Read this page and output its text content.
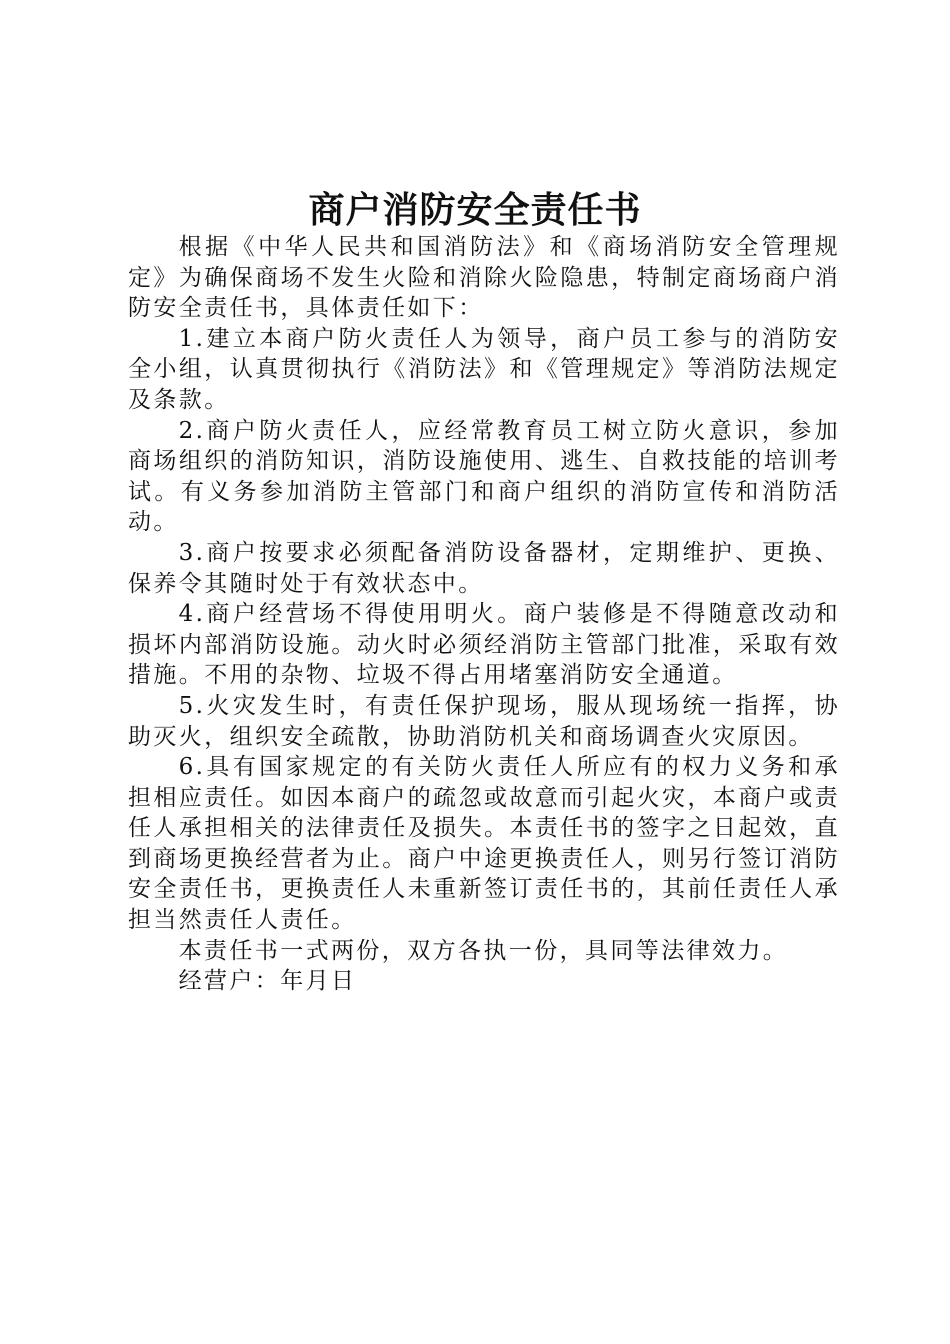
商户消防安全责任书

根据《中华人民共和国消防法》和《商场消防安全管理规定》为确保商场不发生火险和消除火险隐患，特制定商场商户消防安全责任书，具体责任如下：

1.建立本商户防火责任人为领导，商户员工参与的消防安全小组，认真贯彻执行《消防法》和《管理规定》等消防法规定及条款。

2.商户防火责任人，应经常教育员工树立防火意识，参加商场组织的消防知识，消防设施使用、逃生、自救技能的培训考试。有义务参加消防主管部门和商户组织的消防宣传和消防活动。

3.商户按要求必须配备消防设备器材，定期维护、更换、保养令其随时处于有效状态中。

4.商户经营场不得使用明火。商户装修是不得随意改动和损坏内部消防设施。动火时必须经消防主管部门批准，采取有效措施。不用的杂物、垃圾不得占用堵塞消防安全通道。

5.火灾发生时，有责任保护现场，服从现场统一指挥，协助灭火，组织安全疏散，协助消防机关和商场调查火灾原因。

6.具有国家规定的有关防火责任人所应有的权力义务和承担相应责任。如因本商户的疏忽或故意而引起火灾，本商户或责任人承担相关的法律责任及损失。本责任书的签字之日起效，直到商场更换经营者为止。商户中途更换责任人，则另行签订消防安全责任书，更换责任人未重新签订责任书的，其前任责任人承担当然责任人责任。

本责任书一式两份，双方各执一份，具同等法律效力。

经营户：年月日
